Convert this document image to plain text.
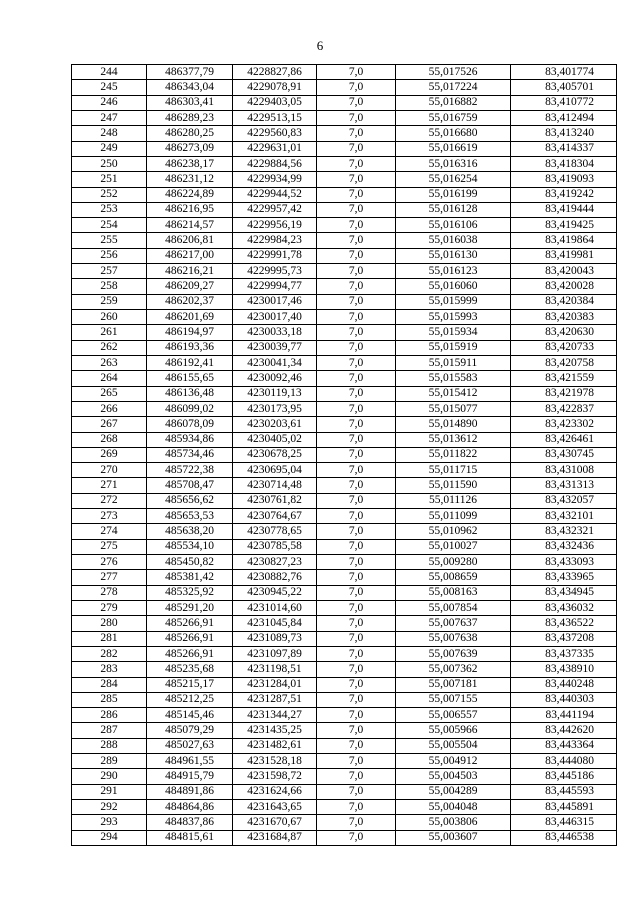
6
244	486377,79	4228827,86	7,0	55,017526	83,401774
245	486343,04	4229078,91	7,0	55,017224	83,405701
246	486303,41	4229403,05	7,0	55,016882	83,410772
247	486289,23	4229513,15	7,0	55,016759	83,412494
248	486280,25	4229560,83	7,0	55,016680	83,413240
249	486273,09	4229631,01	7,0	55,016619	83,414337
250	486238,17	4229884,56	7,0	55,016316	83,418304
251	486231,12	4229934,99	7,0	55,016254	83,419093
252	486224,89	4229944,52	7,0	55,016199	83,419242
253	486216,95	4229957,42	7,0	55,016128	83,419444
254	486214,57	4229956,19	7,0	55,016106	83,419425
255	486206,81	4229984,23	7,0	55,016038	83,419864
256	486217,00	4229991,78	7,0	55,016130	83,419981
257	486216,21	4229995,73	7,0	55,016123	83,420043
258	486209,27	4229994,77	7,0	55,016060	83,420028
259	486202,37	4230017,46	7,0	55,015999	83,420384
260	486201,69	4230017,40	7,0	55,015993	83,420383
261	486194,97	4230033,18	7,0	55,015934	83,420630
262	486193,36	4230039,77	7,0	55,015919	83,420733
263	486192,41	4230041,34	7,0	55,015911	83,420758
264	486155,65	4230092,46	7,0	55,015583	83,421559
265	486136,48	4230119,13	7,0	55,015412	83,421978
266	486099,02	4230173,95	7,0	55,015077	83,422837
267	486078,09	4230203,61	7,0	55,014890	83,423302
268	485934,86	4230405,02	7,0	55,013612	83,426461
269	485734,46	4230678,25	7,0	55,011822	83,430745
270	485722,38	4230695,04	7,0	55,011715	83,431008
271	485708,47	4230714,48	7,0	55,011590	83,431313
272	485656,62	4230761,82	7,0	55,011126	83,432057
273	485653,53	4230764,67	7,0	55,011099	83,432101
274	485638,20	4230778,65	7,0	55,010962	83,432321
275	485534,10	4230785,58	7,0	55,010027	83,432436
276	485450,82	4230827,23	7,0	55,009280	83,433093
277	485381,42	4230882,76	7,0	55,008659	83,433965
278	485325,92	4230945,22	7,0	55,008163	83,434945
279	485291,20	4231014,60	7,0	55,007854	83,436032
280	485266,91	4231045,84	7,0	55,007637	83,436522
281	485266,91	4231089,73	7,0	55,007638	83,437208
282	485266,91	4231097,89	7,0	55,007639	83,437335
283	485235,68	4231198,51	7,0	55,007362	83,438910
284	485215,17	4231284,01	7,0	55,007181	83,440248
285	485212,25	4231287,51	7,0	55,007155	83,440303
286	485145,46	4231344,27	7,0	55,006557	83,441194
287	485079,29	4231435,25	7,0	55,005966	83,442620
288	485027,63	4231482,61	7,0	55,005504	83,443364
289	484961,55	4231528,18	7,0	55,004912	83,444080
290	484915,79	4231598,72	7,0	55,004503	83,445186
291	484891,86	4231624,66	7,0	55,004289	83,445593
292	484864,86	4231643,65	7,0	55,004048	83,445891
293	484837,86	4231670,67	7,0	55,003806	83,446315
294	484815,61	4231684,87	7,0	55,003607	83,446538
